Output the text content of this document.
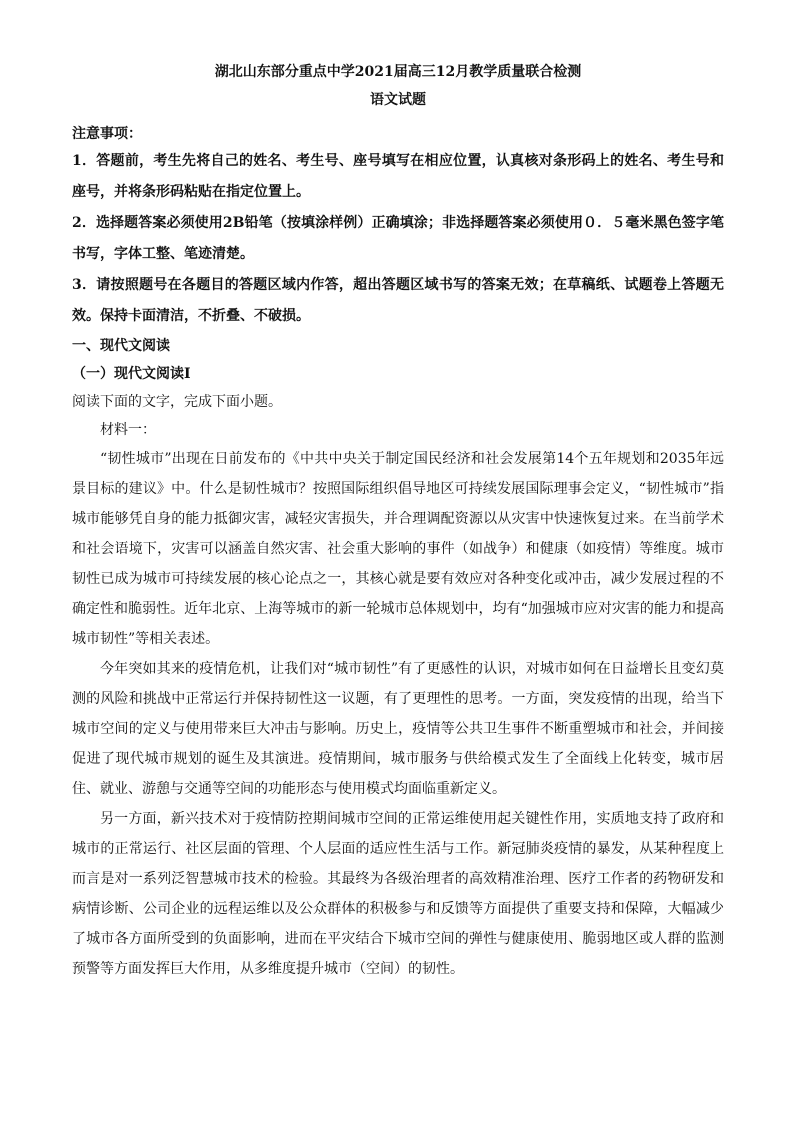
湖北山东部分重点中学2021届高三12月教学质量联合检测

语文试题

注意事项：

1．答题前，考生先将自己的姓名、考生号、座号填写在相应位置，认真核对条形码上的姓名、考生号和座号，并将条形码粘贴在指定位置上。

2．选择题答案必须使用2B铅笔（按填涂样例）正确填涂；非选择题答案必须使用０．５毫米黑色签字笔书写，字体工整、笔迹清楚。

3．请按照题号在各题目的答题区域内作答，超出答题区域书写的答案无效；在草稿纸、试题卷上答题无效。保持卡面清洁，不折叠、不破损。

一、现代文阅读

（一）现代文阅读Ⅰ

阅读下面的文字，完成下面小题。

材料一：

“韧性城市”出现在日前发布的《中共中央关于制定国民经济和社会发展第14个五年规划和2035年远景目标的建议》中。什么是韧性城市？按照国际组织倡导地区可持续发展国际理事会定义，“韧性城市”指城市能够凭自身的能力抵御灾害，减轻灾害损失，并合理调配资源以从灾害中快速恢复过来。在当前学术和社会语境下，灾害可以涵盖自然灾害、社会重大影响的事件（如战争）和健康（如疫情）等维度。城市韧性已成为城市可持续发展的核心论点之一，其核心就是要有效应对各种变化或冲击，减少发展过程的不确定性和脆弱性。近年北京、上海等城市的新一轮城市总体规划中，均有“加强城市应对灾害的能力和提高城市韧性”等相关表述。

今年突如其来的疫情危机，让我们对“城市韧性”有了更感性的认识，对城市如何在日益增长且变幻莫测的风险和挑战中正常运行并保持韧性这一议题，有了更理性的思考。一方面，突发疫情的出现，给当下城市空间的定义与使用带来巨大冲击与影响。历史上，疫情等公共卫生事件不断重塑城市和社会，并间接促进了现代城市规划的诞生及其演进。疫情期间，城市服务与供给模式发生了全面线上化转变，城市居住、就业、游憩与交通等空间的功能形态与使用模式均面临重新定义。

另一方面，新兴技术对于疫情防控期间城市空间的正常运维使用起关键性作用，实质地支持了政府和城市的正常运行、社区层面的管理、个人层面的适应性生活与工作。新冠肺炎疫情的暴发，从某种程度上而言是对一系列泛智慧城市技术的检验。其最终为各级治理者的高效精准治理、医疗工作者的药物研发和病情诊断、公司企业的远程运维以及公众群体的积极参与和反馈等方面提供了重要支持和保障，大幅减少了城市各方面所受到的负面影响，进而在平灾结合下城市空间的弹性与健康使用、脆弱地区或人群的监测预警等方面发挥巨大作用，从多维度提升城市（空间）的韧性。
